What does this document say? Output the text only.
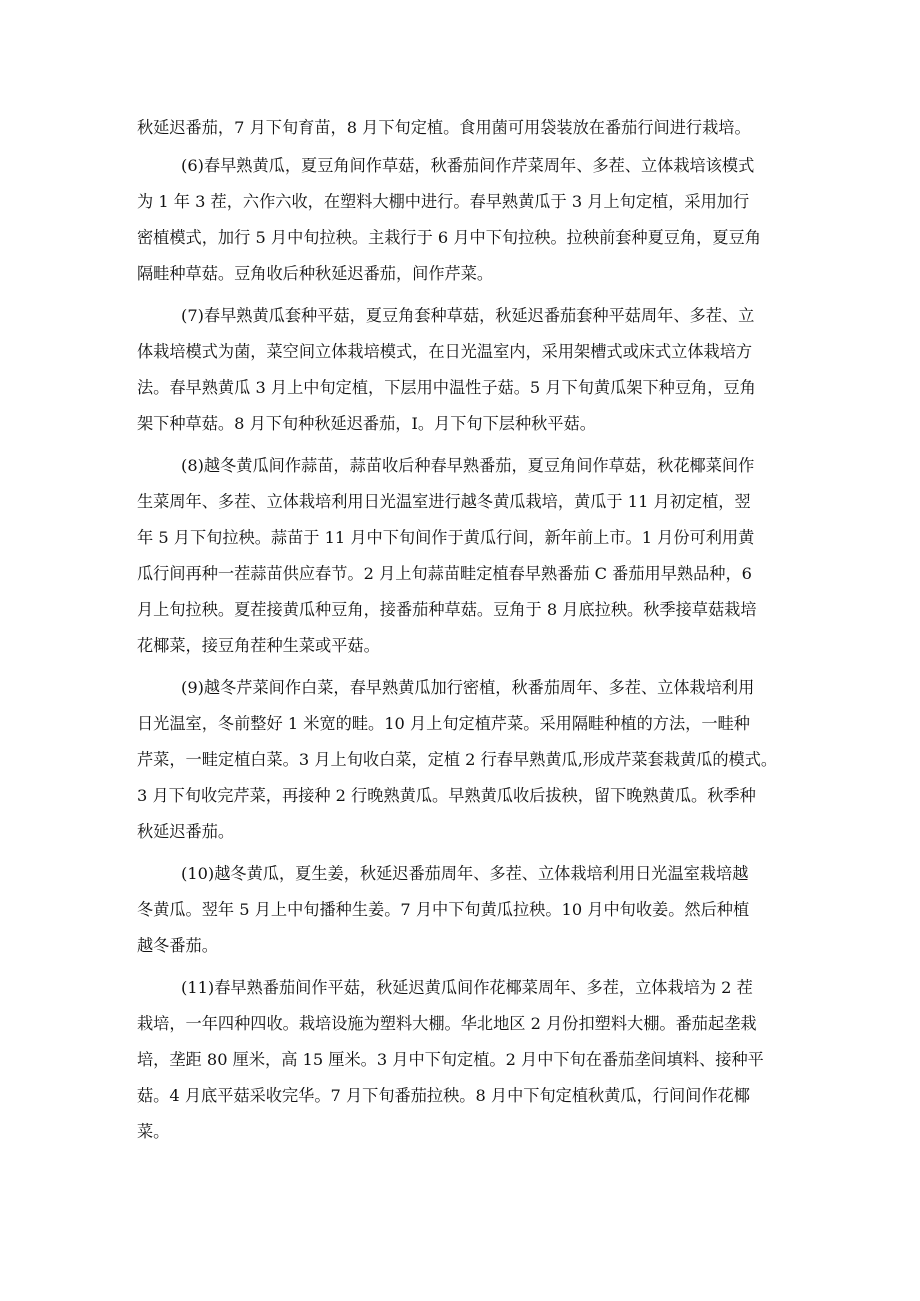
秋延迟番茄，7 月下旬育苗，8 月下旬定植。食用菌可用袋装放在番茄行间进行栽培。
(6)春早熟黄瓜，夏豆角间作草菇，秋番茄间作芹菜周年、多茬、立体栽培该模式
为 1 年 3 茬，六作六收，在塑料大棚中进行。春早熟黄瓜于 3 月上旬定植，采用加行
密植模式，加行 5 月中旬拉秧。主栽行于 6 月中下旬拉秧。拉秧前套种夏豆角，夏豆角
隔畦种草菇。豆角收后种秋延迟番茄，间作芹菜。
(7)春早熟黄瓜套种平菇，夏豆角套种草菇，秋延迟番茄套种平菇周年、多茬、立
体栽培模式为菌，菜空间立体栽培模式，在日光温室内，采用架槽式或床式立体栽培方
法。春早熟黄瓜 3 月上中旬定植，下层用中温性子菇。5 月下旬黄瓜架下种豆角，豆角
架下种草菇。8 月下旬种秋延迟番茄，I。月下旬下层种秋平菇。
(8)越冬黄瓜间作蒜苗，蒜苗收后种春早熟番茄，夏豆角间作草菇，秋花椰菜间作
生菜周年、多茬、立体栽培利用日光温室进行越冬黄瓜栽培，黄瓜于 11 月初定植，翌
年 5 月下旬拉秧。蒜苗于 11 月中下旬间作于黄瓜行间，新年前上市。1 月份可利用黄
瓜行间再种一茬蒜苗供应春节。2 月上旬蒜苗畦定植春早熟番茄 C 番茄用早熟品种，6
月上旬拉秧。夏茬接黄瓜种豆角，接番茄种草菇。豆角于 8 月底拉秧。秋季接草菇栽培
花椰菜，接豆角茬种生菜或平菇。
(9)越冬芹菜间作白菜，春早熟黄瓜加行密植，秋番茄周年、多茬、立体栽培利用
日光温室，冬前整好 1 米宽的畦。10 月上旬定植芹菜。采用隔畦种植的方法，一畦种
芹菜，一畦定植白菜。3 月上旬收白菜，定植 2 行春早熟黄瓜,形成芹菜套栽黄瓜的模式。
3 月下旬收完芹菜，再接种 2 行晚熟黄瓜。早熟黄瓜收后拔秧，留下晚熟黄瓜。秋季种
秋延迟番茄。
(10)越冬黄瓜，夏生姜，秋延迟番茄周年、多茬、立体栽培利用日光温室栽培越
冬黄瓜。翌年 5 月上中旬播种生姜。7 月中下旬黄瓜拉秧。10 月中旬收姜。然后种植
越冬番茄。
(11)春早熟番茄间作平菇，秋延迟黄瓜间作花椰菜周年、多茬，立体栽培为 2 茬
栽培，一年四种四收。栽培设施为塑料大棚。华北地区 2 月份扣塑料大棚。番茄起垄栽
培，垄距 80 厘米，高 15 厘米。3 月中下旬定植。2 月中下旬在番茄垄间填料、接种平
菇。4 月底平菇采收完华。7 月下旬番茄拉秧。8 月中下旬定植秋黄瓜，行间间作花椰
菜。
